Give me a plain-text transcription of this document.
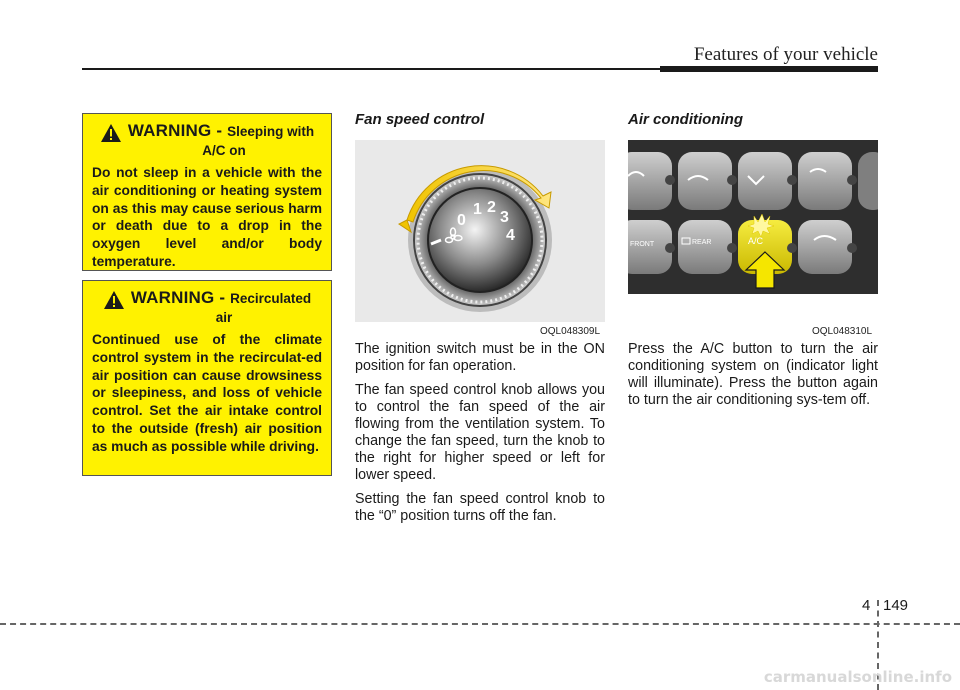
Features of your vehicle
WARNING - Sleeping with
A/C on
Do not sleep in a vehicle with the air conditioning or heating system on as this may cause serious harm or death due to a drop in the oxygen level and/or body temperature.
WARNING - Recirculated
air
Continued use of the climate control system in the recirculat-ed air position can cause drowsiness or sleepiness, and loss of vehicle control. Set the air intake control to the outside (fresh) air position as much as possible while driving.
Fan speed control
0
1 2
3
4
OQL048309L

The ignition switch must be in the ON position for fan operation.

The fan speed control knob allows you to control the fan speed of the air flowing from the ventilation system. To change the fan speed, turn the knob to the right for higher speed or left for lower speed.

Setting the fan speed control knob to the “0” position turns off the fan.

Air conditioning
FRONT	REAR	A/C
OQL048310L

Press the A/C button to turn the air conditioning system on (indicator light will illuminate). Press the button again to turn the air conditioning sys-tem off.

4 149
carmanualsonline.info
